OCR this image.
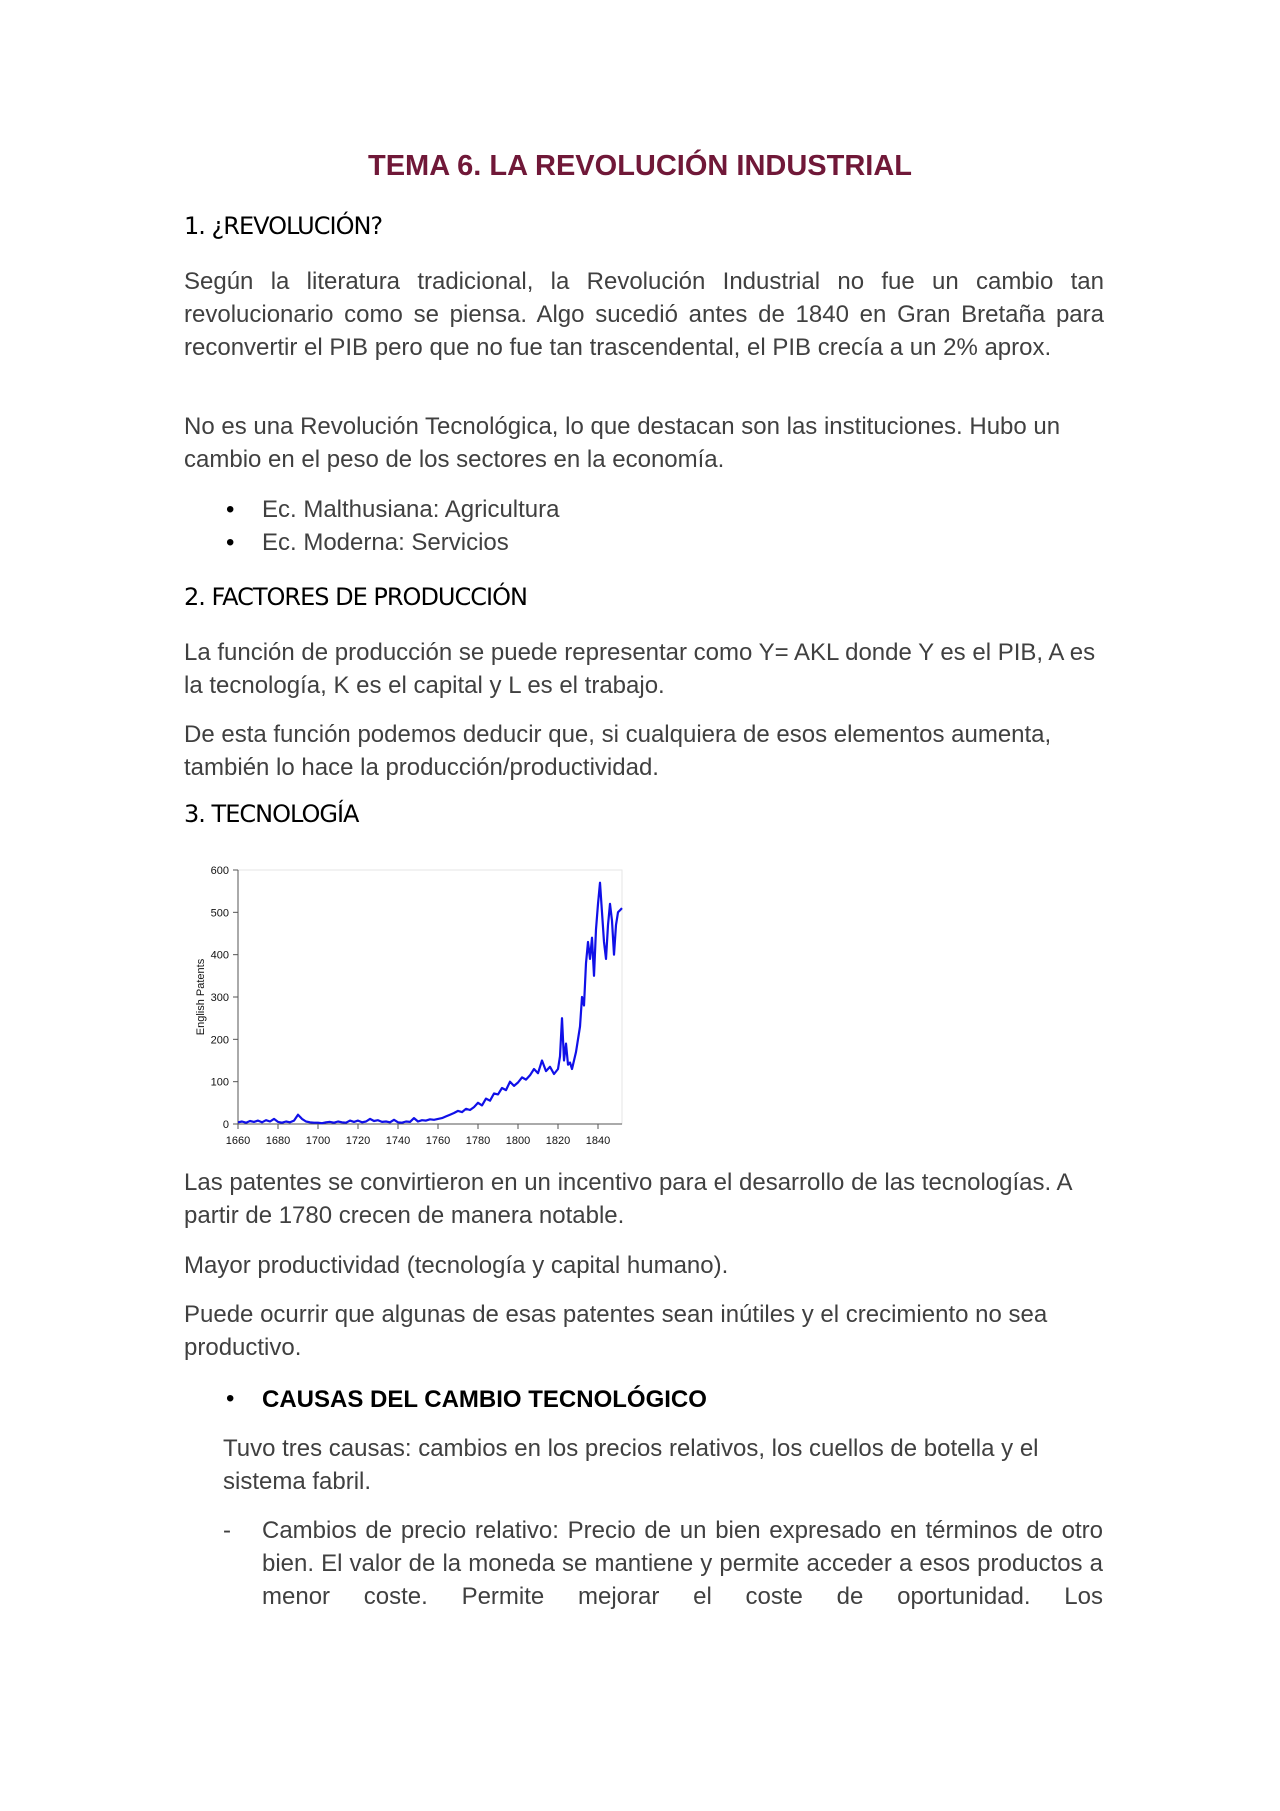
TEMA 6. LA REVOLUCIÓN INDUSTRIAL
1. ¿REVOLUCIÓN?

Según la literatura tradicional, la Revolución Industrial no fue un cambio tan revolucionario como se piensa. Algo sucedió antes de 1840 en Gran Bretaña para reconvertir el PIB pero que no fue tan trascendental, el PIB crecía a un 2% aprox.

No es una Revolución Tecnológica, lo que destacan son las instituciones. Hubo un cambio en el peso de los sectores en la economía.

• Ec. Malthusiana: Agricultura
• Ec. Moderna: Servicios
2. FACTORES DE PRODUCCIÓN

La función de producción se puede representar como Y= AKL donde Y es el PIB, A es la tecnología, K es el capital y L es el trabajo.

De esta función podemos deducir que, si cualquiera de esos elementos aumenta, también lo hace la producción/productividad.

3. TECNOLOGÍA
0
100
200
300
400
500
600
1660 1680 1700 1720 1740 1760 1780 1800 1820 1840
English Patents

Las patentes se convirtieron en un incentivo para el desarrollo de las tecnologías. A partir de 1780 crecen de manera notable.

Mayor productividad (tecnología y capital humano).

Puede ocurrir que algunas de esas patentes sean inútiles y el crecimiento no sea productivo.

• CAUSAS DEL CAMBIO TECNOLÓGICO

Tuvo tres causas: cambios en los precios relativos, los cuellos de botella y el sistema fabril.

- Cambios de precio relativo: Precio de un bien expresado en términos de otro bien. El valor de la moneda se mantiene y permite acceder a esos productos a menor coste. Permite mejorar el coste de oportunidad. Los
